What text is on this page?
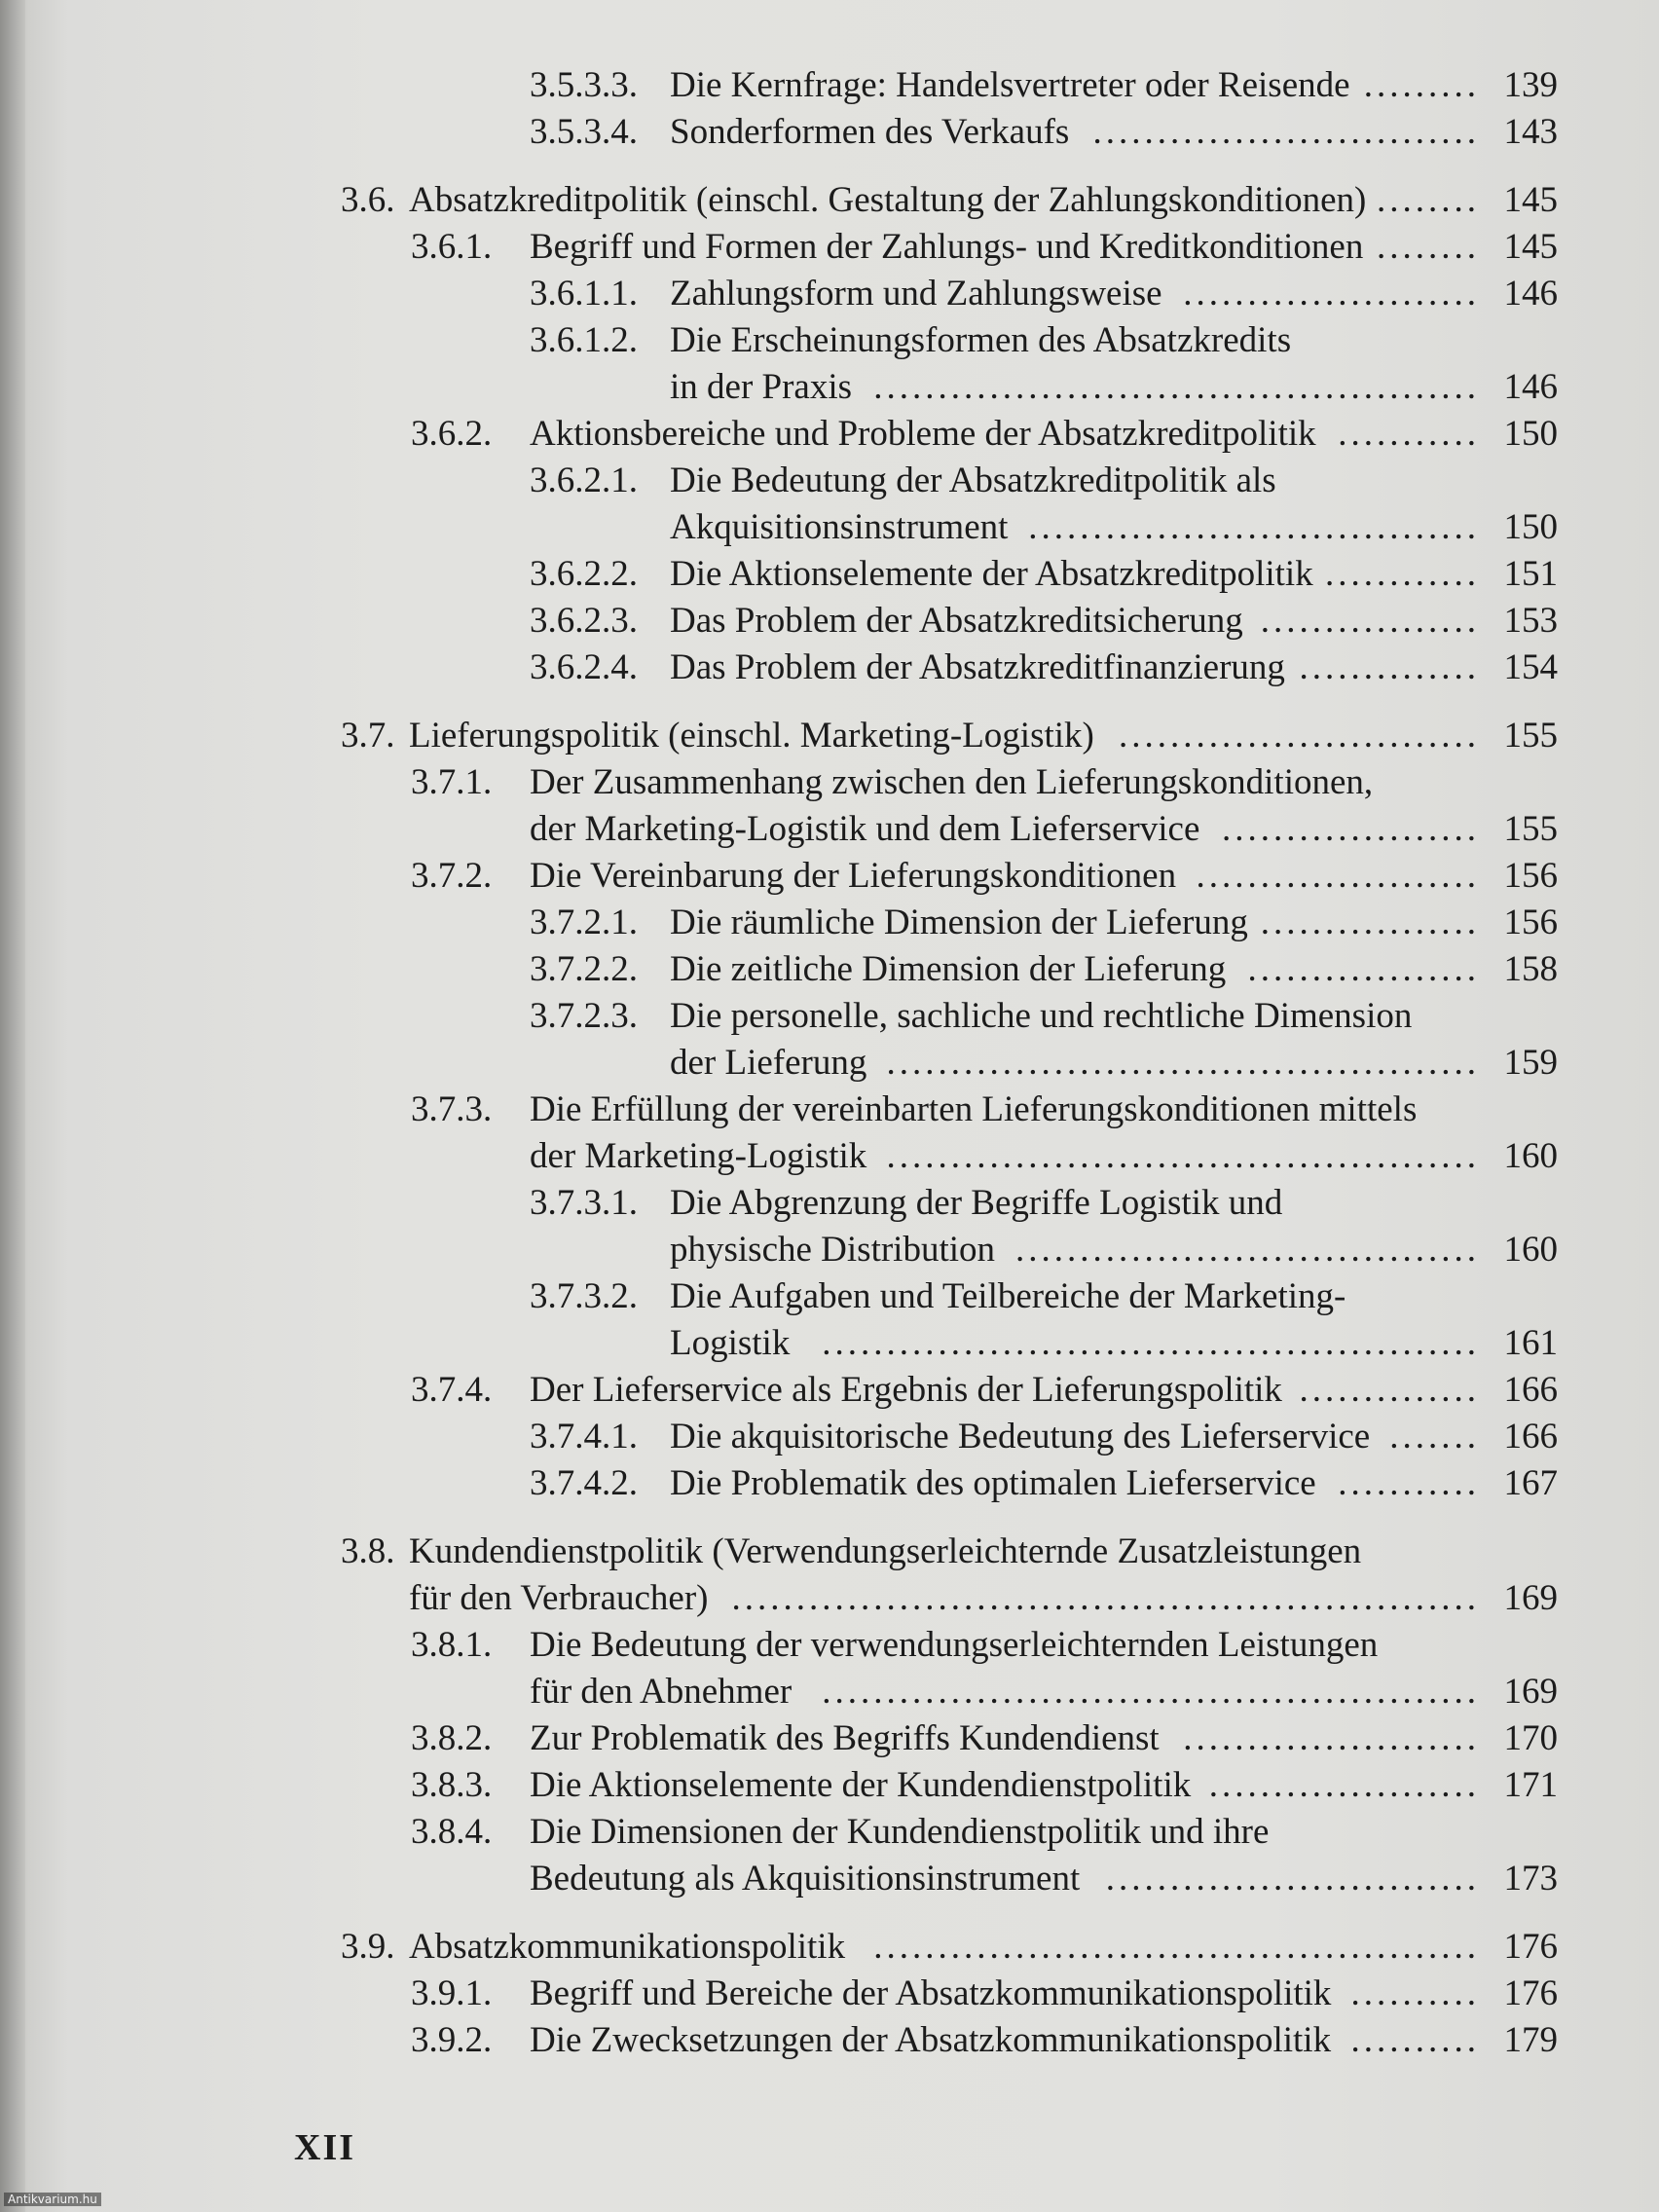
3.5.3.3. Die Kernfrage: Handelsvertreter oder Reisende	139
.........
3.5.3.4. Sonderformen des Verkaufs	143
..............................
3.6. Absatzkreditpolitik (einschl. Gestaltung der Zahlungskonditionen)	145
........
3.6.1. Begriff und Formen der Zahlungs- und Kreditkonditionen	145
........
3.6.1.1. Zahlungsform und Zahlungsweise	146
.......................
3.6.1.2. Die Erscheinungsformen des Absatzkredits
in der Praxis	146
...............................................
3.6.2. Aktionsbereiche und Probleme der Absatzkreditpolitik	150
...........
3.6.2.1. Die Bedeutung der Absatzkreditpolitik als
Akquisitionsinstrument	150
...................................
3.6.2.2. Die Aktionselemente der Absatzkreditpolitik	151
............
3.6.2.3. Das Problem der Absatzkreditsicherung	153
.................
3.6.2.4. Das Problem der Absatzkreditfinanzierung	154
..............
3.7. Lieferungspolitik (einschl. Marketing-Logistik)	155
............................
3.7.1. Der Zusammenhang zwischen den Lieferungskonditionen,
der Marketing-Logistik und dem Lieferservice	155
....................
3.7.2. Die Vereinbarung der Lieferungskonditionen	156
......................
3.7.2.1. Die räumliche Dimension der Lieferung	156
.................
3.7.2.2. Die zeitliche Dimension der Lieferung	158
..................
3.7.2.3. Die personelle, sachliche und rechtliche Dimension
der Lieferung	159
..............................................
3.7.3. Die Erfüllung der vereinbarten Lieferungskonditionen mittels
der Marketing-Logistik	160
..............................................
3.7.3.1. Die Abgrenzung der Begriffe Logistik und
physische Distribution	160
....................................
3.7.3.2. Die Aufgaben und Teilbereiche der Marketing-
Logistik	161
...................................................
3.7.4. Der Lieferservice als Ergebnis der Lieferungspolitik	166
..............
3.7.4.1. Die akquisitorische Bedeutung des Lieferservice	166
.......
3.7.4.2. Die Problematik des optimalen Lieferservice	167
...........
3.8. Kundendienstpolitik (Verwendungserleichternde Zusatzleistungen
für den Verbraucher)	169
..........................................................
3.8.1. Die Bedeutung der verwendungserleichternden Leistungen
für den Abnehmer	169
...................................................
3.8.2. Zur Problematik des Begriffs Kundendienst	170
.......................
3.8.3. Die Aktionselemente der Kundendienstpolitik	171
.....................
3.8.4. Die Dimensionen der Kundendienstpolitik und ihre
Bedeutung als Akquisitionsinstrument	173
.............................
3.9. Absatzkommunikationspolitik	176
...............................................
3.9.1. Begriff und Bereiche der Absatzkommunikationspolitik	176
..........
3.9.2. Die Zwecksetzungen der Absatzkommunikationspolitik	179
..........
XII
Antikvarium.hu
